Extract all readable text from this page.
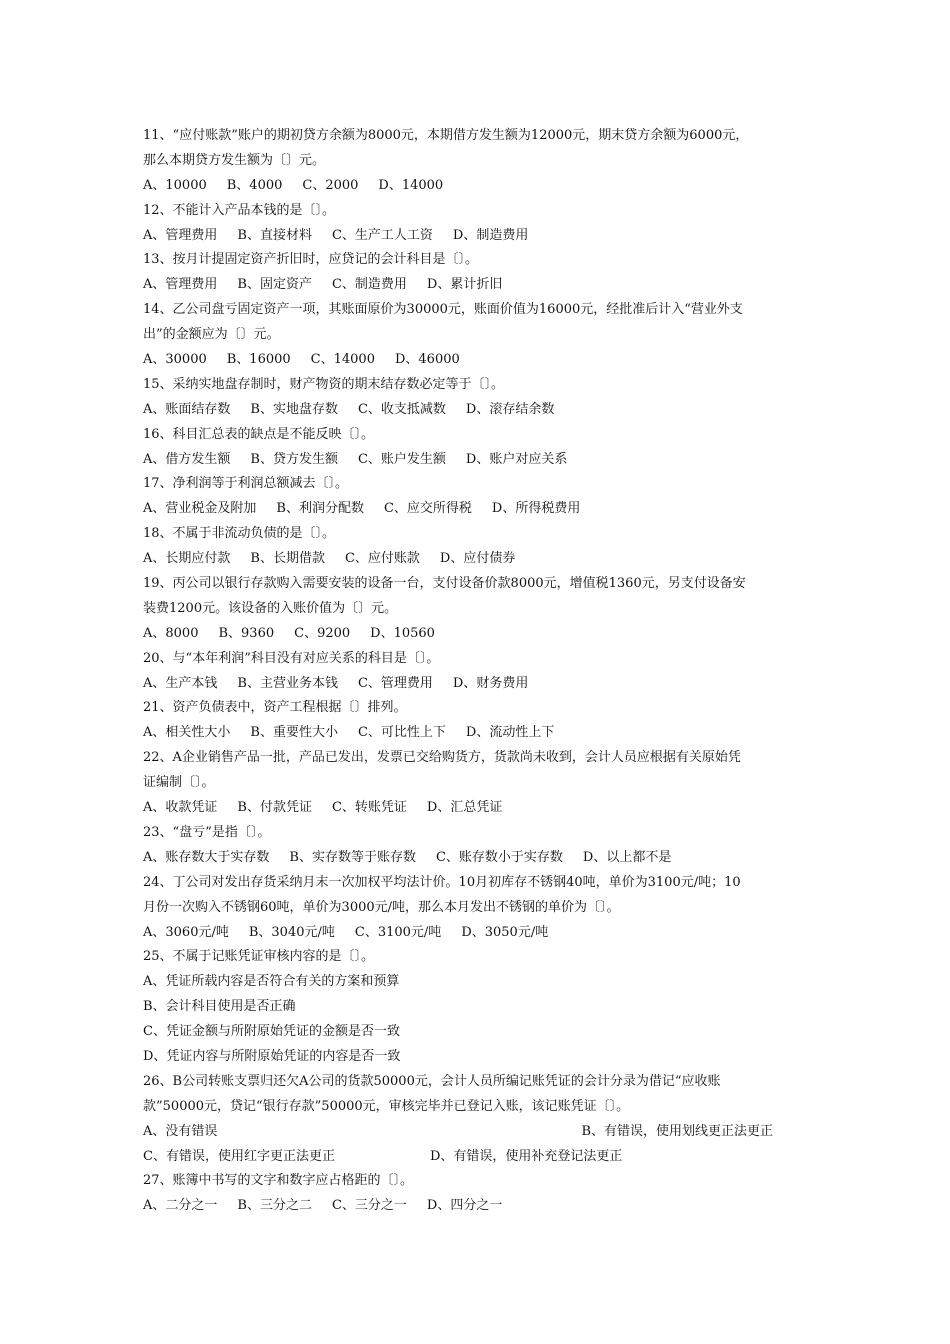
11、“应付账款”账户的期初贷方余额为8000元，本期借方发生额为12000元，期末贷方余额为6000元，
那么本期贷方发生额为〔〕元。
A、10000 B、4000 C、2000 D、14000
12、不能计入产品本钱的是〔〕。
A、管理费用 B、直接材料 C、生产工人工资 D、制造费用
13、按月计提固定资产折旧时，应贷记的会计科目是〔〕。
A、管理费用 B、固定资产 C、制造费用 D、累计折旧
14、乙公司盘亏固定资产一项，其账面原价为30000元，账面价值为16000元，经批准后计入“营业外支
出”的金额应为〔〕元。
A、30000 B、16000 C、14000 D、46000
15、采纳实地盘存制时，财产物资的期末结存数必定等于〔〕。
A、账面结存数 B、实地盘存数 C、收支抵减数 D、滚存结余数
16、科目汇总表的缺点是不能反映〔〕。
A、借方发生额 B、贷方发生额 C、账户发生额 D、账户对应关系
17、净利润等于利润总额减去〔〕。
A、营业税金及附加 B、利润分配数 C、应交所得税 D、所得税费用
18、不属于非流动负债的是〔〕。
A、长期应付款 B、长期借款 C、应付账款 D、应付债券
19、丙公司以银行存款购入需要安装的设备一台，支付设备价款8000元，增值税1360元，另支付设备安
装费1200元。该设备的入账价值为〔〕元。
A、8000 B、9360 C、9200 D、10560
20、与“本年利润”科目没有对应关系的科目是〔〕。
A、生产本钱 B、主营业务本钱 C、管理费用 D、财务费用
21、资产负债表中，资产工程根据〔〕排列。
A、相关性大小 B、重要性大小 C、可比性上下 D、流动性上下
22、A企业销售产品一批，产品已发出，发票已交给购货方，货款尚未收到，会计人员应根据有关原始凭
证编制〔〕。
A、收款凭证 B、付款凭证 C、转账凭证 D、汇总凭证
23、“盘亏”是指〔〕。
A、账存数大于实存数 B、实存数等于账存数 C、账存数小于实存数 D、以上都不是
24、丁公司对发出存货采纳月末一次加权平均法计价。10月初库存不锈钢40吨，单价为3100元/吨；10
月份一次购入不锈钢60吨，单价为3000元/吨，那么本月发出不锈钢的单价为〔〕。
A、3060元/吨 B、3040元/吨 C、3100元/吨 D、3050元/吨
25、不属于记账凭证审核内容的是〔〕。
A、凭证所载内容是否符合有关的方案和预算
B、会计科目使用是否正确
C、凭证金额与所附原始凭证的金额是否一致
D、凭证内容与所附原始凭证的内容是否一致
26、B公司转账支票归还欠A公司的货款50000元，会计人员所编记账凭证的会计分录为借记“应收账
款”50000元，贷记“银行存款”50000元，审核完毕并已登记入账，该记账凭证〔〕。
A、没有错误	B、有错误，使用划线更正法更正
C、有错误，使用红字更正法更正	D、有错误，使用补充登记法更正
27、账簿中书写的文字和数字应占格距的〔〕。
A、二分之一 B、三分之二 C、三分之一 D、四分之一
